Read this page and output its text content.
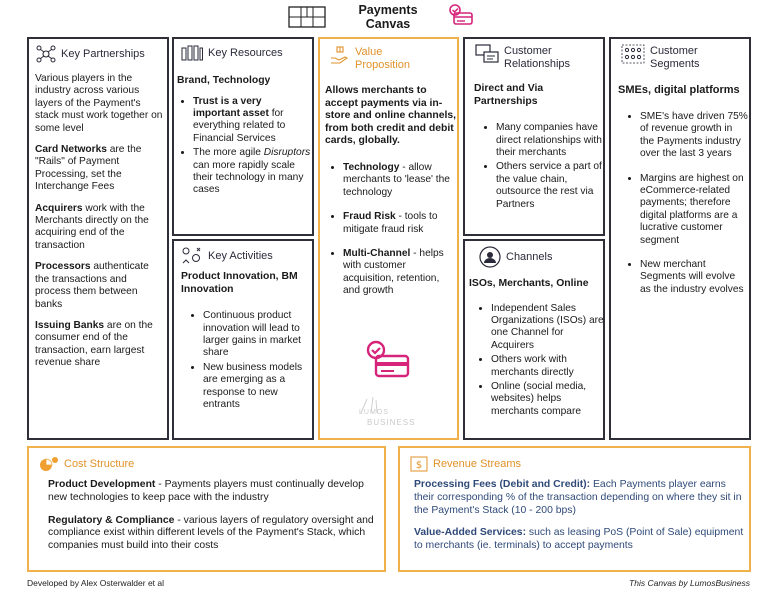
Payments
Canvas
Key Partnerships

Various players in the industry across various layers of the Payment's stack must work together on some level

Card Networks are the "Rails" of Payment Processing, set the Interchange Fees

Acquirers work with the Merchants directly on the acquiring end of the transaction

Processors authenticate the transactions and process them between banks

Issuing Banks are on the consumer end of the transaction, earn largest revenue share

Key Resources
Brand, Technology
• Trust is a very important asset for everything related to Financial Services
• The more agile Disruptors can more rapidly scale their technology in many cases
Key Activities
Product Innovation, BM Innovation
• Continuous product innovation will lead to larger gains in market share
• New business models are emerging as a response to new entrants
Value Proposition
Allows merchants to accept payments via in-store and online channels, from both credit and debit cards, globally.
• Technology - allow merchants to 'lease' the technology
• Fraud Risk - tools to mitigate fraud risk
• Multi-Channel - helps with customer acquisition, retention, and growth
LUMOS
BUSINESS
Customer Relationships
Direct and Via Partnerships
• Many companies have direct relationships with their merchants
• Others service a part of the value chain, outsource the rest via Partners
Channels
ISOs, Merchants, Online
• Independent Sales Organizations (ISOs) are one Channel for Acquirers
• Others work with merchants directly
• Online (social media, websites) helps merchants compare
Customer Segments
SMEs, digital platforms
• SME's have driven 75% of revenue growth in the Payments industry over the last 3 years
• Margins are highest on eCommerce-related payments; therefore digital platforms are a lucrative customer segment
• New merchant Segments will evolve as the industry evolves
Cost Structure

Product Development - Payments players must continually develop new technologies to keep pace with the industry

Regulatory & Compliance - various layers of regulatory oversight and compliance exist within different levels of the Payment's Stack, which companies must build into their costs

$ Revenue Streams

Processing Fees (Debit and Credit): Each Payments player earns their corresponding % of the transaction depending on where they sit in the Payment's Stack (10 - 200 bps)

Value-Added Services: such as leasing PoS (Point of Sale) equipment to merchants (ie. terminals) to accept payments

Developed by Alex Osterwalder et al	This Canvas by LumosBusiness
